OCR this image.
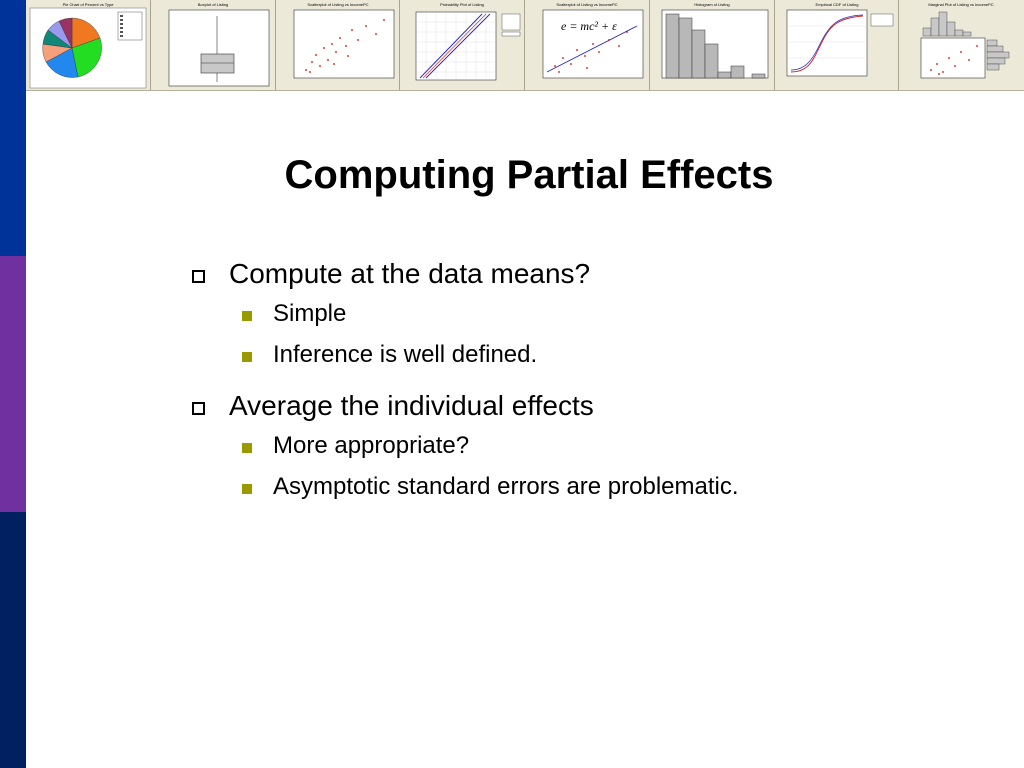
Pie Chart of Percent vs Type	Boxplot of Listing	Scatterplot of Listing vs IncomePC	Probability Plot of Listing	Scatterplot of Listing vs IncomePC
e = mc² + ε
Histogram of Listing	Empirical CDF of Listing	Marginal Plot of Listing vs IncomePC
Computing Partial Effects
Compute at the data means?
Simple
Inference is well defined.
Average the individual effects
More appropriate?
Asymptotic standard errors are problematic.
